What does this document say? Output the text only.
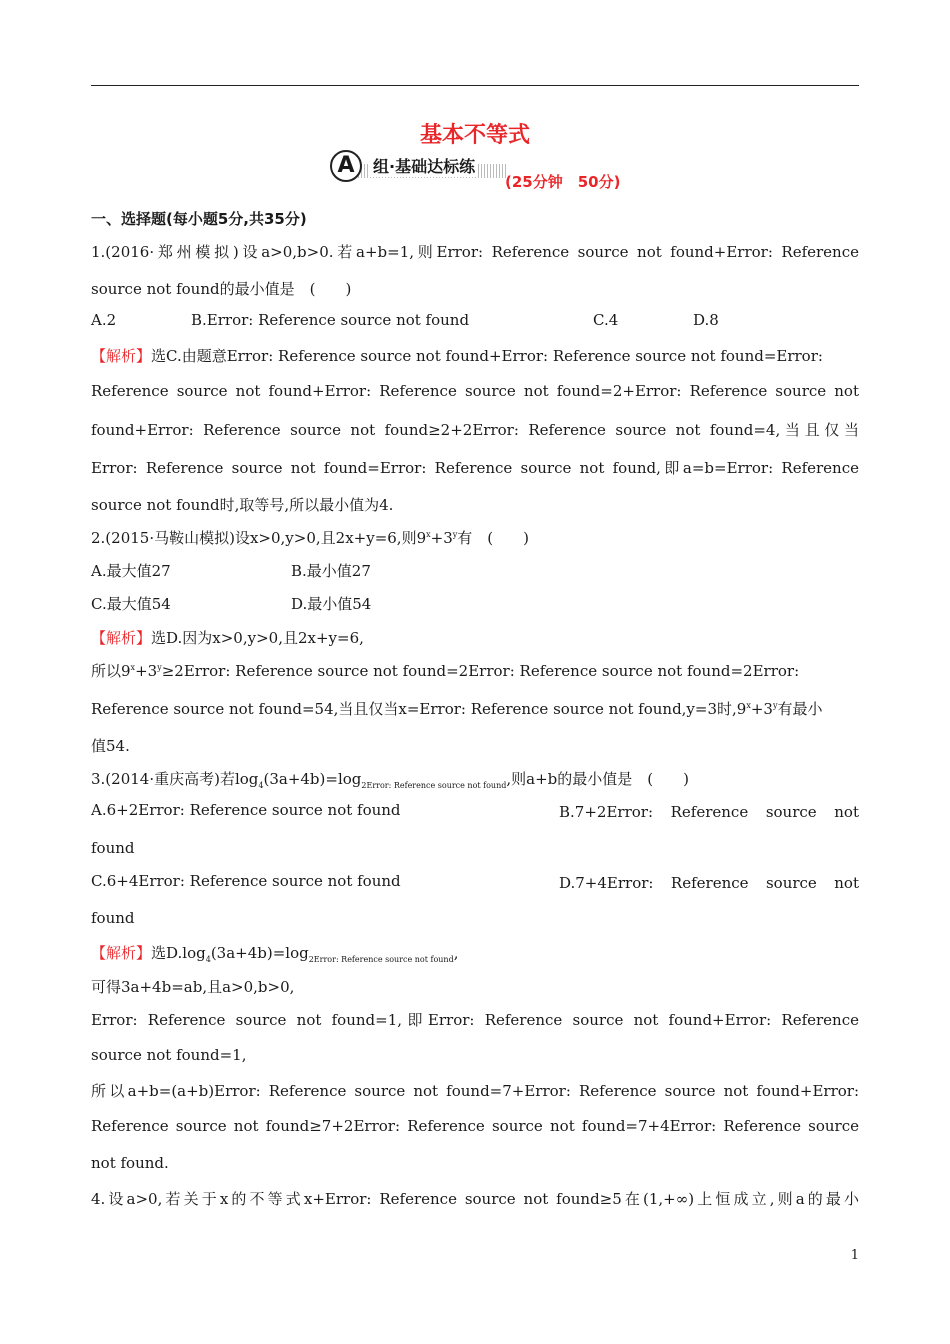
基本不等式
A	组·基础达标练
(25分钟　50分)
一、选择题(每小题5分,共35分)
1.(2016·郑州模拟)设a>0,b>0.若a+b=1,则Error: Reference source not found+Error: Reference
source not found的最小值是　(　　)
A.2	B.Error: Reference source not found	C.4	D.8
【解析】选C.由题意Error: Reference source not found+Error: Reference source not found=Error:
Reference source not found+Error: Reference source not found=2+Error: Reference source not
found+Error: Reference source not found≥2+2Error: Reference source not found=4,当且仅当
Error: Reference source not found=Error: Reference source not found,即a=b=Error: Reference
source not found时,取等号,所以最小值为4.
2.(2015·马鞍山模拟)设x>0,y>0,且2x+y=6,则$9^x+3^y$有　(　　)
A.最大值27	B.最小值27
C.最大值54	D.最小值54
【解析】选D.因为x>0,y>0,且2x+y=6,
所以$9^x+3^y\ge 2Error$: Reference source not found=2Error: Reference source not found=2Error:
Reference source not found=54,当且仅当x=Error: Reference source not found,y=3时$,9^x+3^y$有最小
值54.
3.(2014·重庆高考)若$\log_4(3a+4b)=\log_{2Error: Reference source not found}$,则a+b的最小值是　(　　)
A.6+2Error: Reference source not found	B.7+2Error:　Reference　source　not
found
C.6+4Error: Reference source not found	D.7+4Error:　Reference　source　not
found
【解析】选$D.\log_4(3a+4b)=\log_{2Error: Reference source not found}$,
可得3a+4b=ab,且a>0,b>0,
Error: Reference source not found=1,即Error: Reference source not found+Error: Reference
source not found=1,
所以a+b=(a+b)Error: Reference source not found=7+Error: Reference source not found+Error:
Reference source not found≥7+2Error: Reference source not found=7+4Error: Reference source
not found.
4.设a>0,若关于x的不等式x+Error: Reference source not found≥5在(1,+∞)上恒成立,则a的最小
1
